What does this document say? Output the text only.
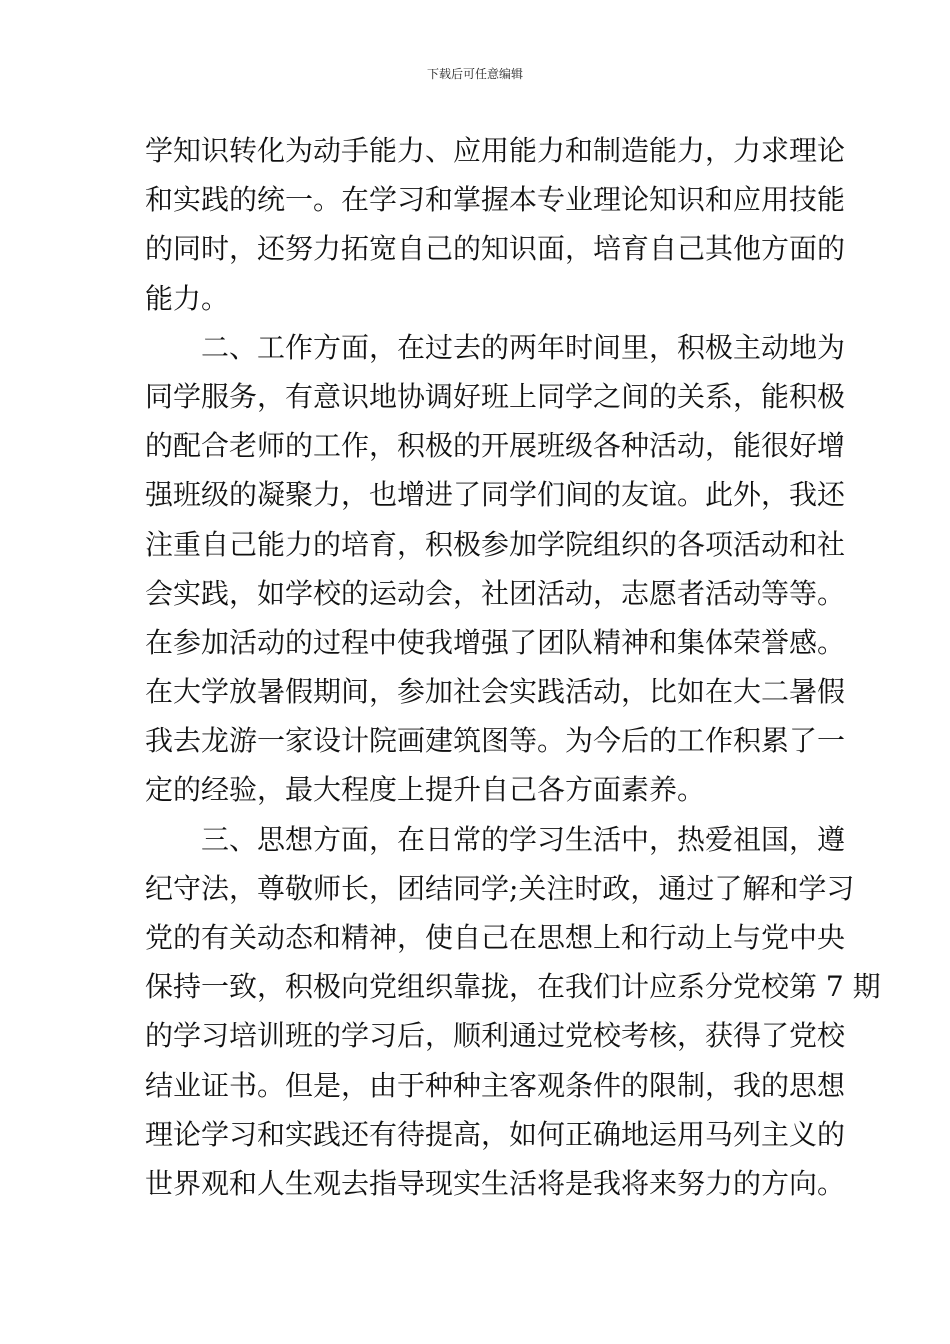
下载后可任意编辑
学知识转化为动手能力、应用能力和制造能力，力求理论
和实践的统一。在学习和掌握本专业理论知识和应用技能
的同时，还努力拓宽自己的知识面，培育自己其他方面的
能力。
二、工作方面，在过去的两年时间里，积极主动地为
同学服务，有意识地协调好班上同学之间的关系，能积极
的配合老师的工作，积极的开展班级各种活动，能很好增
强班级的凝聚力，也增进了同学们间的友谊。此外，我还
注重自己能力的培育，积极参加学院组织的各项活动和社
会实践，如学校的运动会，社团活动，志愿者活动等等。
在参加活动的过程中使我增强了团队精神和集体荣誉感。
在大学放暑假期间，参加社会实践活动，比如在大二暑假
我去龙游一家设计院画建筑图等。为今后的工作积累了一
定的经验，最大程度上提升自己各方面素养。
三、思想方面，在日常的学习生活中，热爱祖国，遵
纪守法，尊敬师长，团结同学;关注时政，通过了解和学习
党的有关动态和精神，使自己在思想上和行动上与党中央
保持一致，积极向党组织靠拢，在我们计应系分党校第 7 期
的学习培训班的学习后，顺利通过党校考核，获得了党校
结业证书。但是，由于种种主客观条件的限制，我的思想
理论学习和实践还有待提高，如何正确地运用马列主义的
世界观和人生观去指导现实生活将是我将来努力的方向。
